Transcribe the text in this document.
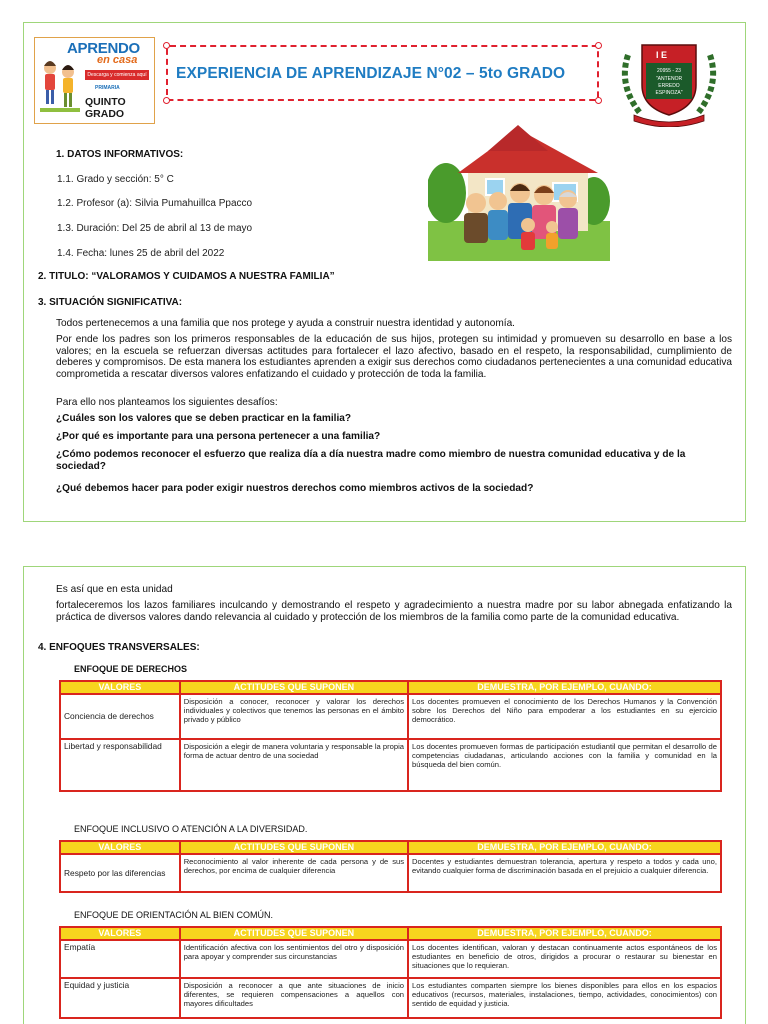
APRENDO
en casa
Descarga y comienza aquí
PRIMARIA
QUINTO GRADO
EXPERIENCIA DE APRENDIZAJE N°02 – 5to GRADO
I E
20955 - 23
"ANTENOR
ERREDO
ESPINOZA"
1. DATOS INFORMATIVOS:
1.1. Grado y sección: 5° C
1.2. Profesor (a): Silvia Pumahuillca Ppacco
1.3. Duración: Del 25 de abril al 13 de mayo
1.4. Fecha: lunes 25 de abril del 2022
2. TITULO: “VALORAMOS Y CUIDAMOS A NUESTRA FAMILIA”
3. SITUACIÓN SIGNIFICATIVA:
Todos pertenecemos a una familia que nos protege y ayuda a construir nuestra identidad y autonomía.
Por ende los padres son los primeros responsables de la educación de sus hijos, protegen su intimidad y promueven su desarrollo en base a los valores; en la escuela se refuerzan diversas actitudes para fortalecer el lazo afectivo, basado en el respeto, la responsabilidad, cumplimiento de deberes y compromisos. De esta manera los estudiantes aprenden a exigir sus derechos como ciudadanos pertenecientes a una comunidad educativa comprometida a rescatar diversos valores enfatizando el cuidado y protección de toda la familia.
Para ello nos planteamos los siguientes desafíos:
¿Cuáles son los valores que se deben practicar en la familia?
¿Por qué es importante para una persona pertenecer a una familia?
¿Cómo podemos reconocer el esfuerzo que realiza día a día nuestra madre como miembro de nuestra comunidad educativa y de la sociedad?
¿Qué debemos hacer para poder exigir nuestros derechos como miembros activos de la sociedad?
Es así que en esta unidad
fortaleceremos los lazos familiares inculcando y demostrando el respeto y agradecimiento a nuestra madre por su labor abnegada enfatizando la práctica de diversos valores dando relevancia al cuidado y protección de los miembros de la familia como parte de la comunidad educativa.
4. ENFOQUES TRANSVERSALES:
ENFOQUE DE DERECHOS
VALORES	ACTITUDES QUE SUPONEN	DEMUESTRA, POR EJEMPLO, CUANDO:
Conciencia de derechos	Disposición a conocer, reconocer y valorar los derechos individuales y colectivos que tenemos las personas en el ámbito privado y público	Los docentes promueven el conocimiento de los Derechos Humanos y la Convención sobre los Derechos del Niño para empoderar a los estudiantes en su ejercicio democrático.
Libertad y responsabilidad	Disposición a elegir de manera voluntaria y responsable la propia forma de actuar dentro de una sociedad	Los docentes promueven formas de participación estudiantil que permitan el desarrollo de competencias ciudadanas, articulando acciones con la familia y comunidad en la búsqueda del bien común.
ENFOQUE INCLUSIVO O ATENCIÓN A LA DIVERSIDAD.
VALORES	ACTITUDES QUE SUPONEN	DEMUESTRA, POR EJEMPLO, CUANDO:
Respeto por las diferencias	Reconocimiento al valor inherente de cada persona y de sus derechos, por encima de cualquier diferencia	Docentes y estudiantes demuestran tolerancia, apertura y respeto a todos y cada uno, evitando cualquier forma de discriminación basada en el prejuicio a cualquier diferencia.
ENFOQUE DE ORIENTACIÓN AL BIEN COMÚN.
VALORES	ACTITUDES QUE SUPONEN	DEMUESTRA, POR EJEMPLO, CUANDO:
Empatía	Identificación afectiva con los sentimientos del otro y disposición para apoyar y comprender sus circunstancias	Los docentes identifican, valoran y destacan continuamente actos espontáneos de los estudiantes en beneficio de otros, dirigidos a procurar o restaurar su bienestar en situaciones que lo requieran.
Equidad y justicia	Disposición a reconocer a que ante situaciones de inicio diferentes, se requieren compensaciones a aquellos con mayores dificultades	Los estudiantes comparten siempre los bienes disponibles para ellos en los espacios educativos (recursos, materiales, instalaciones, tiempo, actividades, conocimientos) con sentido de equidad y justicia.
